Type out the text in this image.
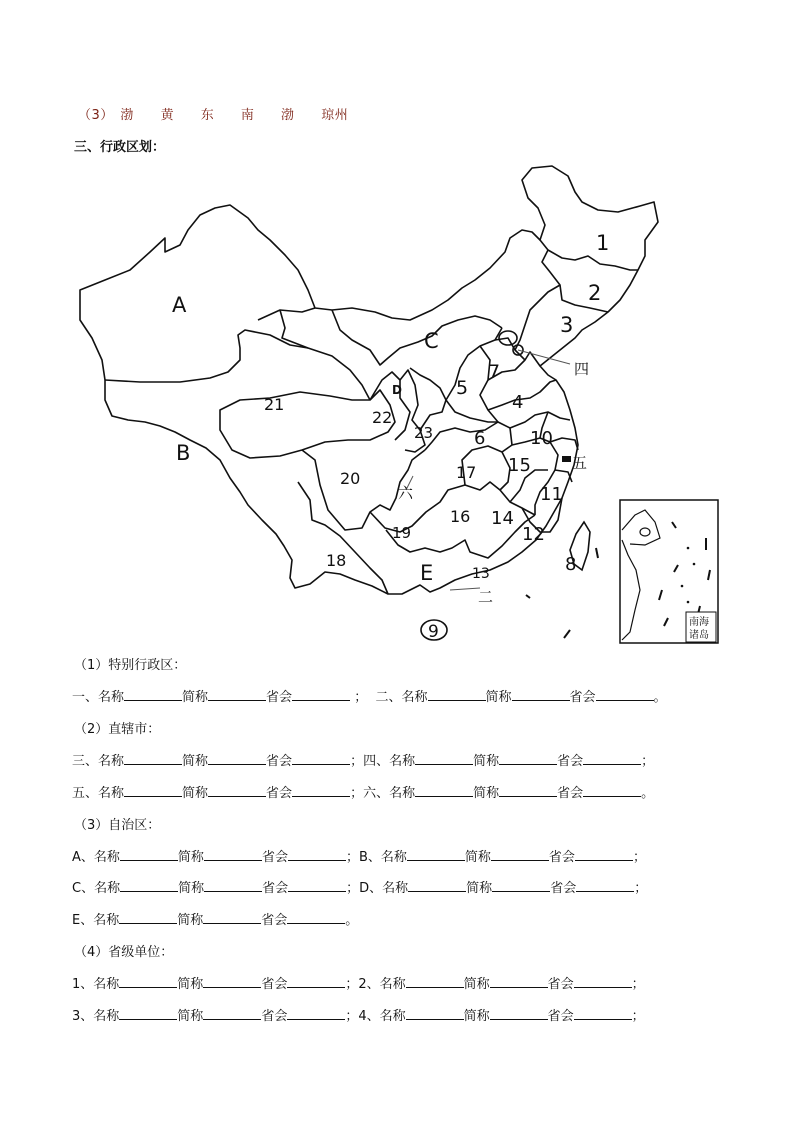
（3） 渤 黄 东 南 渤 琼州
三、行政区划：
南海
诸岛
A
B
C
D
E
1
2
3
4
5
6
7
8
9
10
11
12
13
14
15
16
17
18
19
20
21
22
23
四
五
六
二
（1）特别行政区：
一、名称	简称	省会	； 二、名称	简称	省会	。
（2）直辖市：
三、名称	简称	省会	；四、名称	简称	省会	；
五、名称	简称	省会	；六、名称	简称	省会	。
（3）自治区：
A、名称	简称	省会	；B、名称	简称	省会	；
C、名称	简称	省会	；D、名称	简称	省会	；
E、名称	简称	省会	。
（4）省级单位：
1、名称	简称	省会	；2、名称	简称	省会	；
3、名称	简称	省会	；4、名称	简称	省会	；
